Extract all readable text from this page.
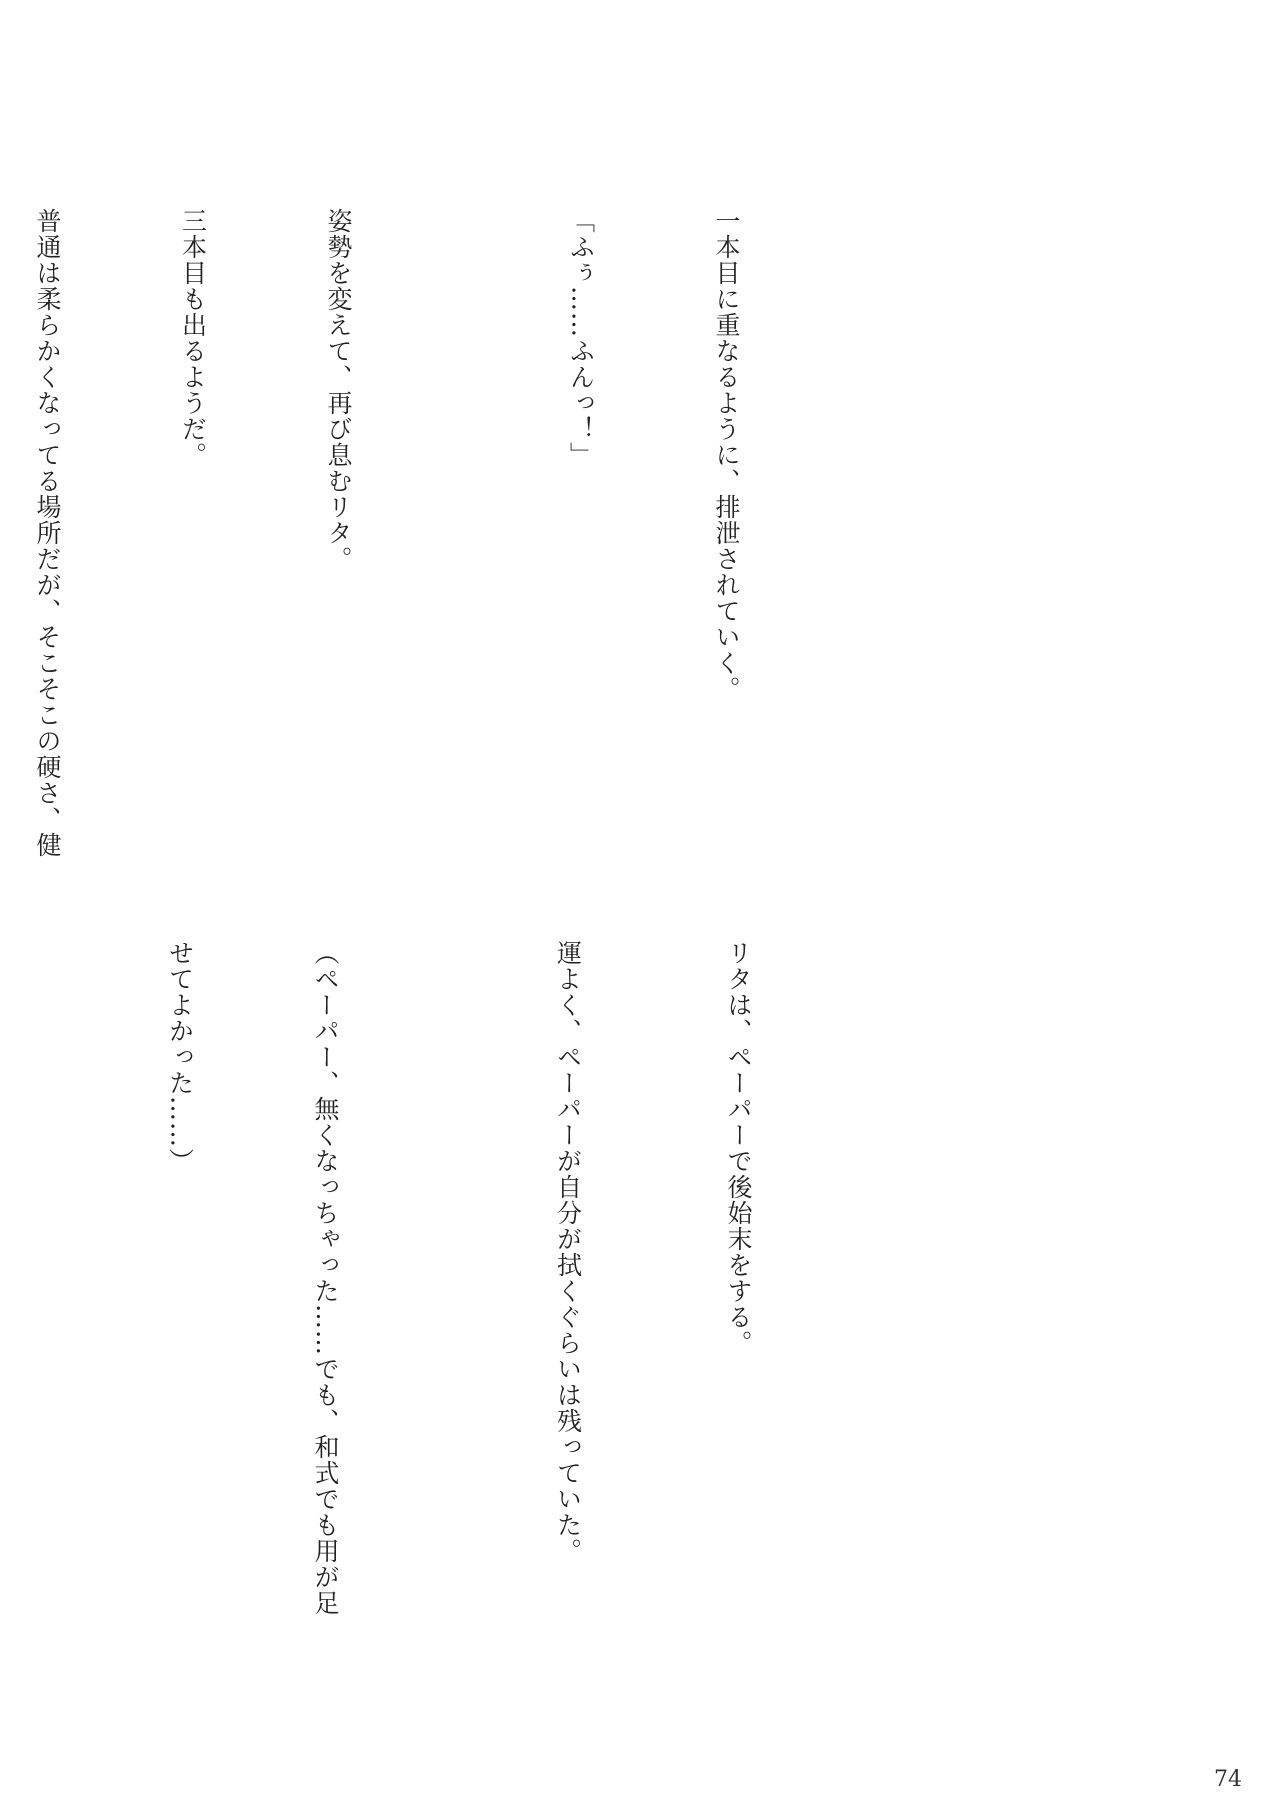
一本目に重なるように、排泄されていく。

「ふぅ……ふんっ！」

姿勢を変えて、再び息むリタ。

三本目も出るようだ。

普通は柔らかくなってる場所だが、そこそこの硬さ、健

リタは、ペーパーで後始末をする。

運よく、ペーパーが自分が拭くぐらいは残っていた。

（ペーパー、無くなっちゃった……でも、和式でも用が足

せてよかった……）

74
